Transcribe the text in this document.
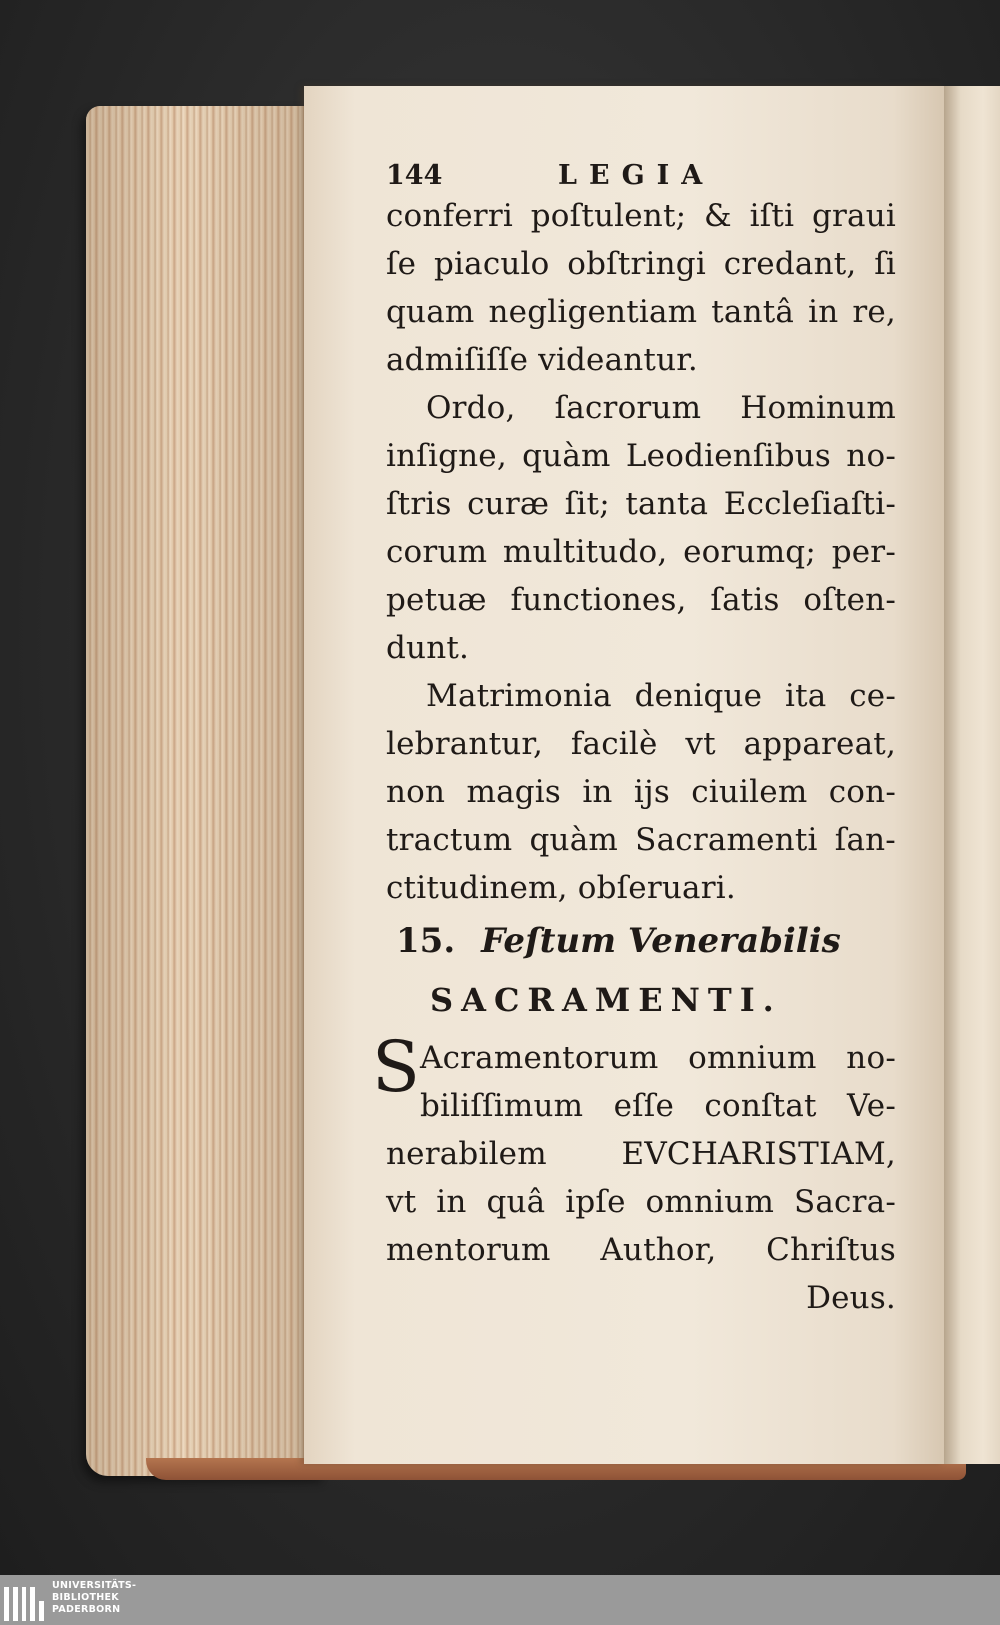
144	LEGIA
conferri poſtulent; & iſti graui
ſe piaculo obſtringi credant, ſi
quam negligentiam tantâ in re,
admiſiſſe videantur.
Ordo, ſacrorum Hominum
inſigne, quàm Leodienſibus no-
ſtris curæ ſit; tanta Eccleſiaſti-
corum multitudo, eorumq; per-
petuæ functiones, ſatis oſten-
dunt.
Matrimonia denique ita ce-
lebrantur, facilè vt appareat,
non magis in ijs ciuilem con-
tractum quàm Sacramenti ſan-
ctitudinem, obſeruari.
15. Feſtum Venerabilis
SACRAMENTI.
S Acramentorum omnium no-
biliſſimum eſſe conſtat Ve-
nerabilem EVCHARISTIAM,
vt in quâ ipſe omnium Sacra-
mentorum Author, Chriſtus
Deus.
UNIVERSITÄTS-
BIBLIOTHEK
PADERBORN
